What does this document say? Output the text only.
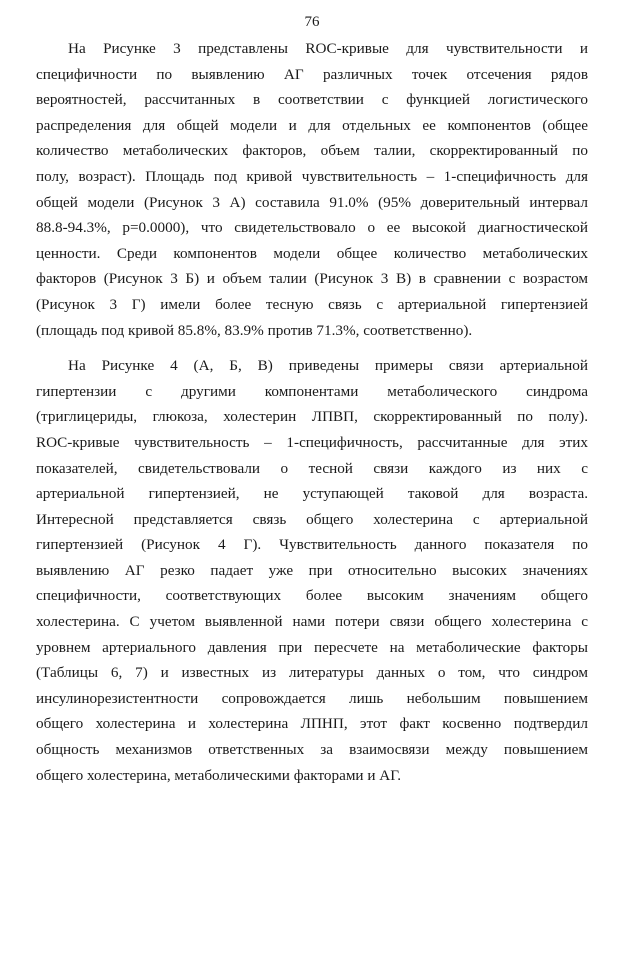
76
На Рисунке 3 представлены ROC-кривые для чувствительности и
специфичности по выявлению АГ различных точек отсечения рядов
вероятностей, рассчитанных в соответствии с функцией логистического
распределения для общей модели и для отдельных ее компонентов (общее
количество метаболических факторов, объем талии, скорректированный по
полу, возраст). Площадь под кривой чувствительность – 1-специфичность для
общей модели (Рисунок 3 А) составила 91.0% (95% доверительный интервал
88.8-94.3%, p=0.0000), что свидетельствовало о ее высокой диагностической
ценности. Среди компонентов модели общее количество метаболических
факторов (Рисунок 3 Б) и объем талии (Рисунок 3 В) в сравнении с возрастом
(Рисунок 3 Г) имели более тесную связь с артериальной гипертензией
(площадь под кривой 85.8%, 83.9% против 71.3%, соответственно).
На Рисунке 4 (А, Б, В) приведены примеры связи артериальной
гипертензии с другими компонентами метаболического синдрома
(триглицериды, глюкоза, холестерин ЛПВП, скорректированный по полу).
ROC-кривые чувствительность – 1-специфичность, рассчитанные для этих
показателей, свидетельствовали о тесной связи каждого из них с
артериальной гипертензией, не уступающей таковой для возраста.
Интересной представляется связь общего холестерина с артериальной
гипертензией (Рисунок 4 Г). Чувствительность данного показателя по
выявлению АГ резко падает уже при относительно высоких значениях
специфичности, соответствующих более высоким значениям общего
холестерина. С учетом выявленной нами потери связи общего холестерина с
уровнем артериального давления при пересчете на метаболические факторы
(Таблицы 6, 7) и известных из литературы данных о том, что синдром
инсулинорезистентности сопровождается лишь небольшим повышением
общего холестерина и холестерина ЛПНП, этот факт косвенно подтвердил
общность механизмов ответственных за взаимосвязи между повышением
общего холестерина, метаболическими факторами и АГ.
